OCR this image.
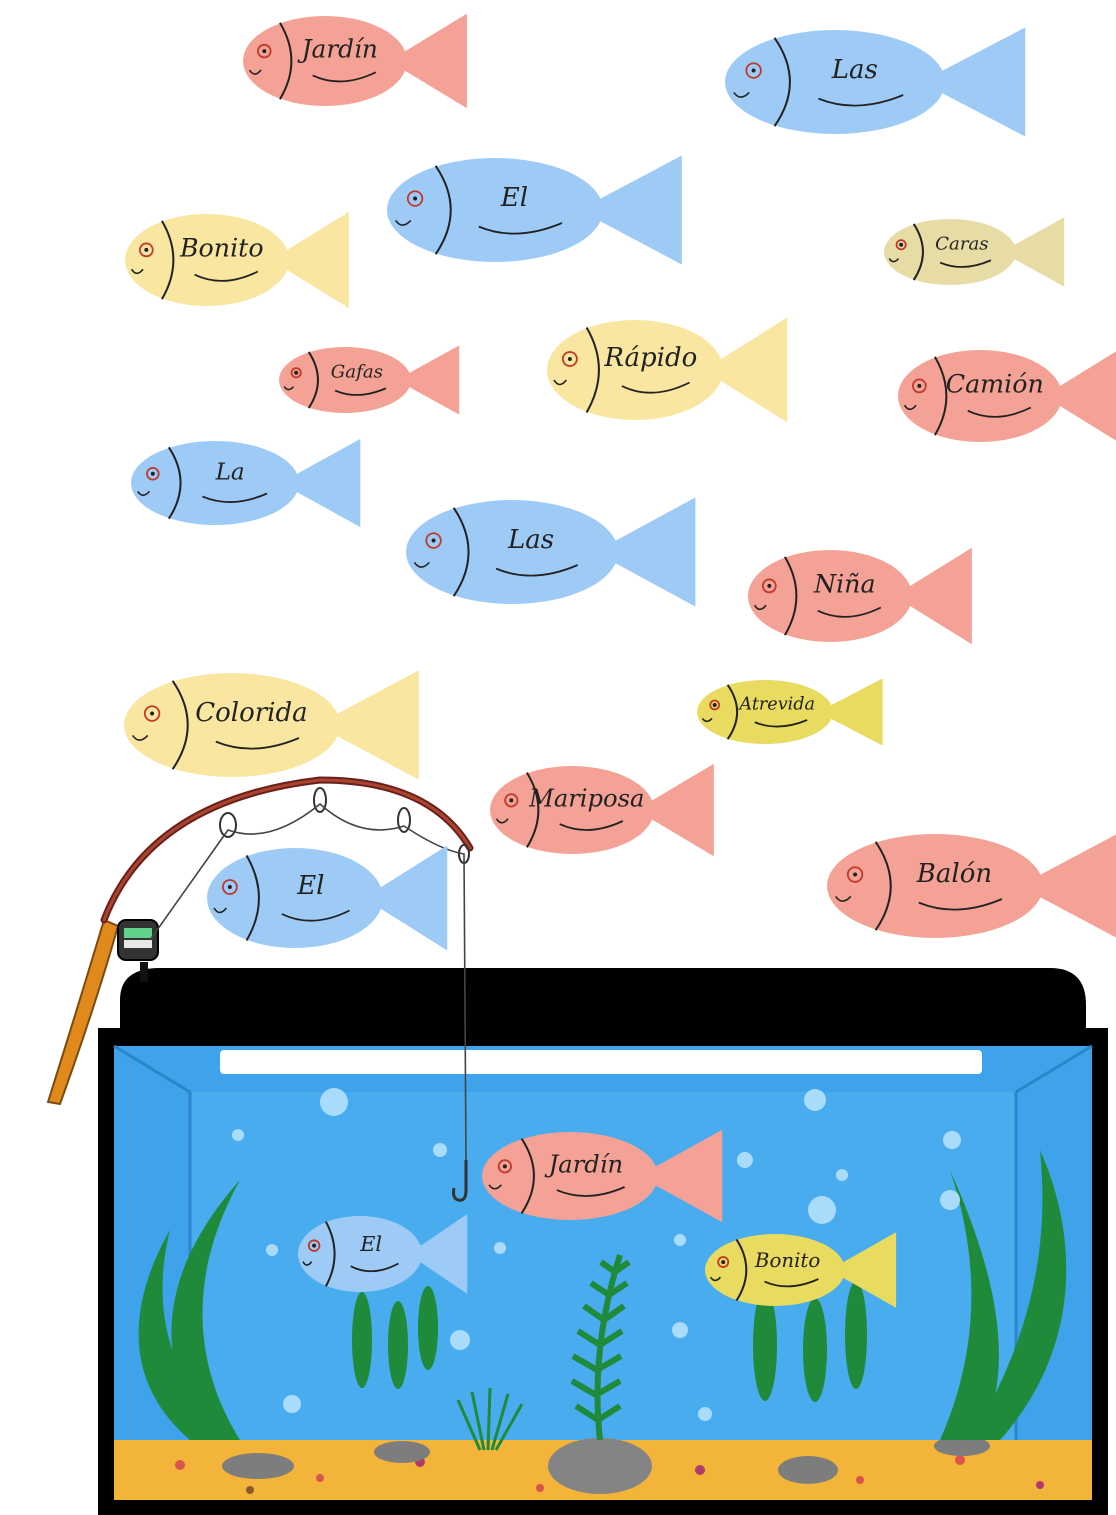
Jardín
Las
El
Bonito	Caras
Gafas	Rápido
Camión
La
Las
Niña
Colorida	Atrevida
Mariposa
El	Balón
Jardín
El
Bonito
